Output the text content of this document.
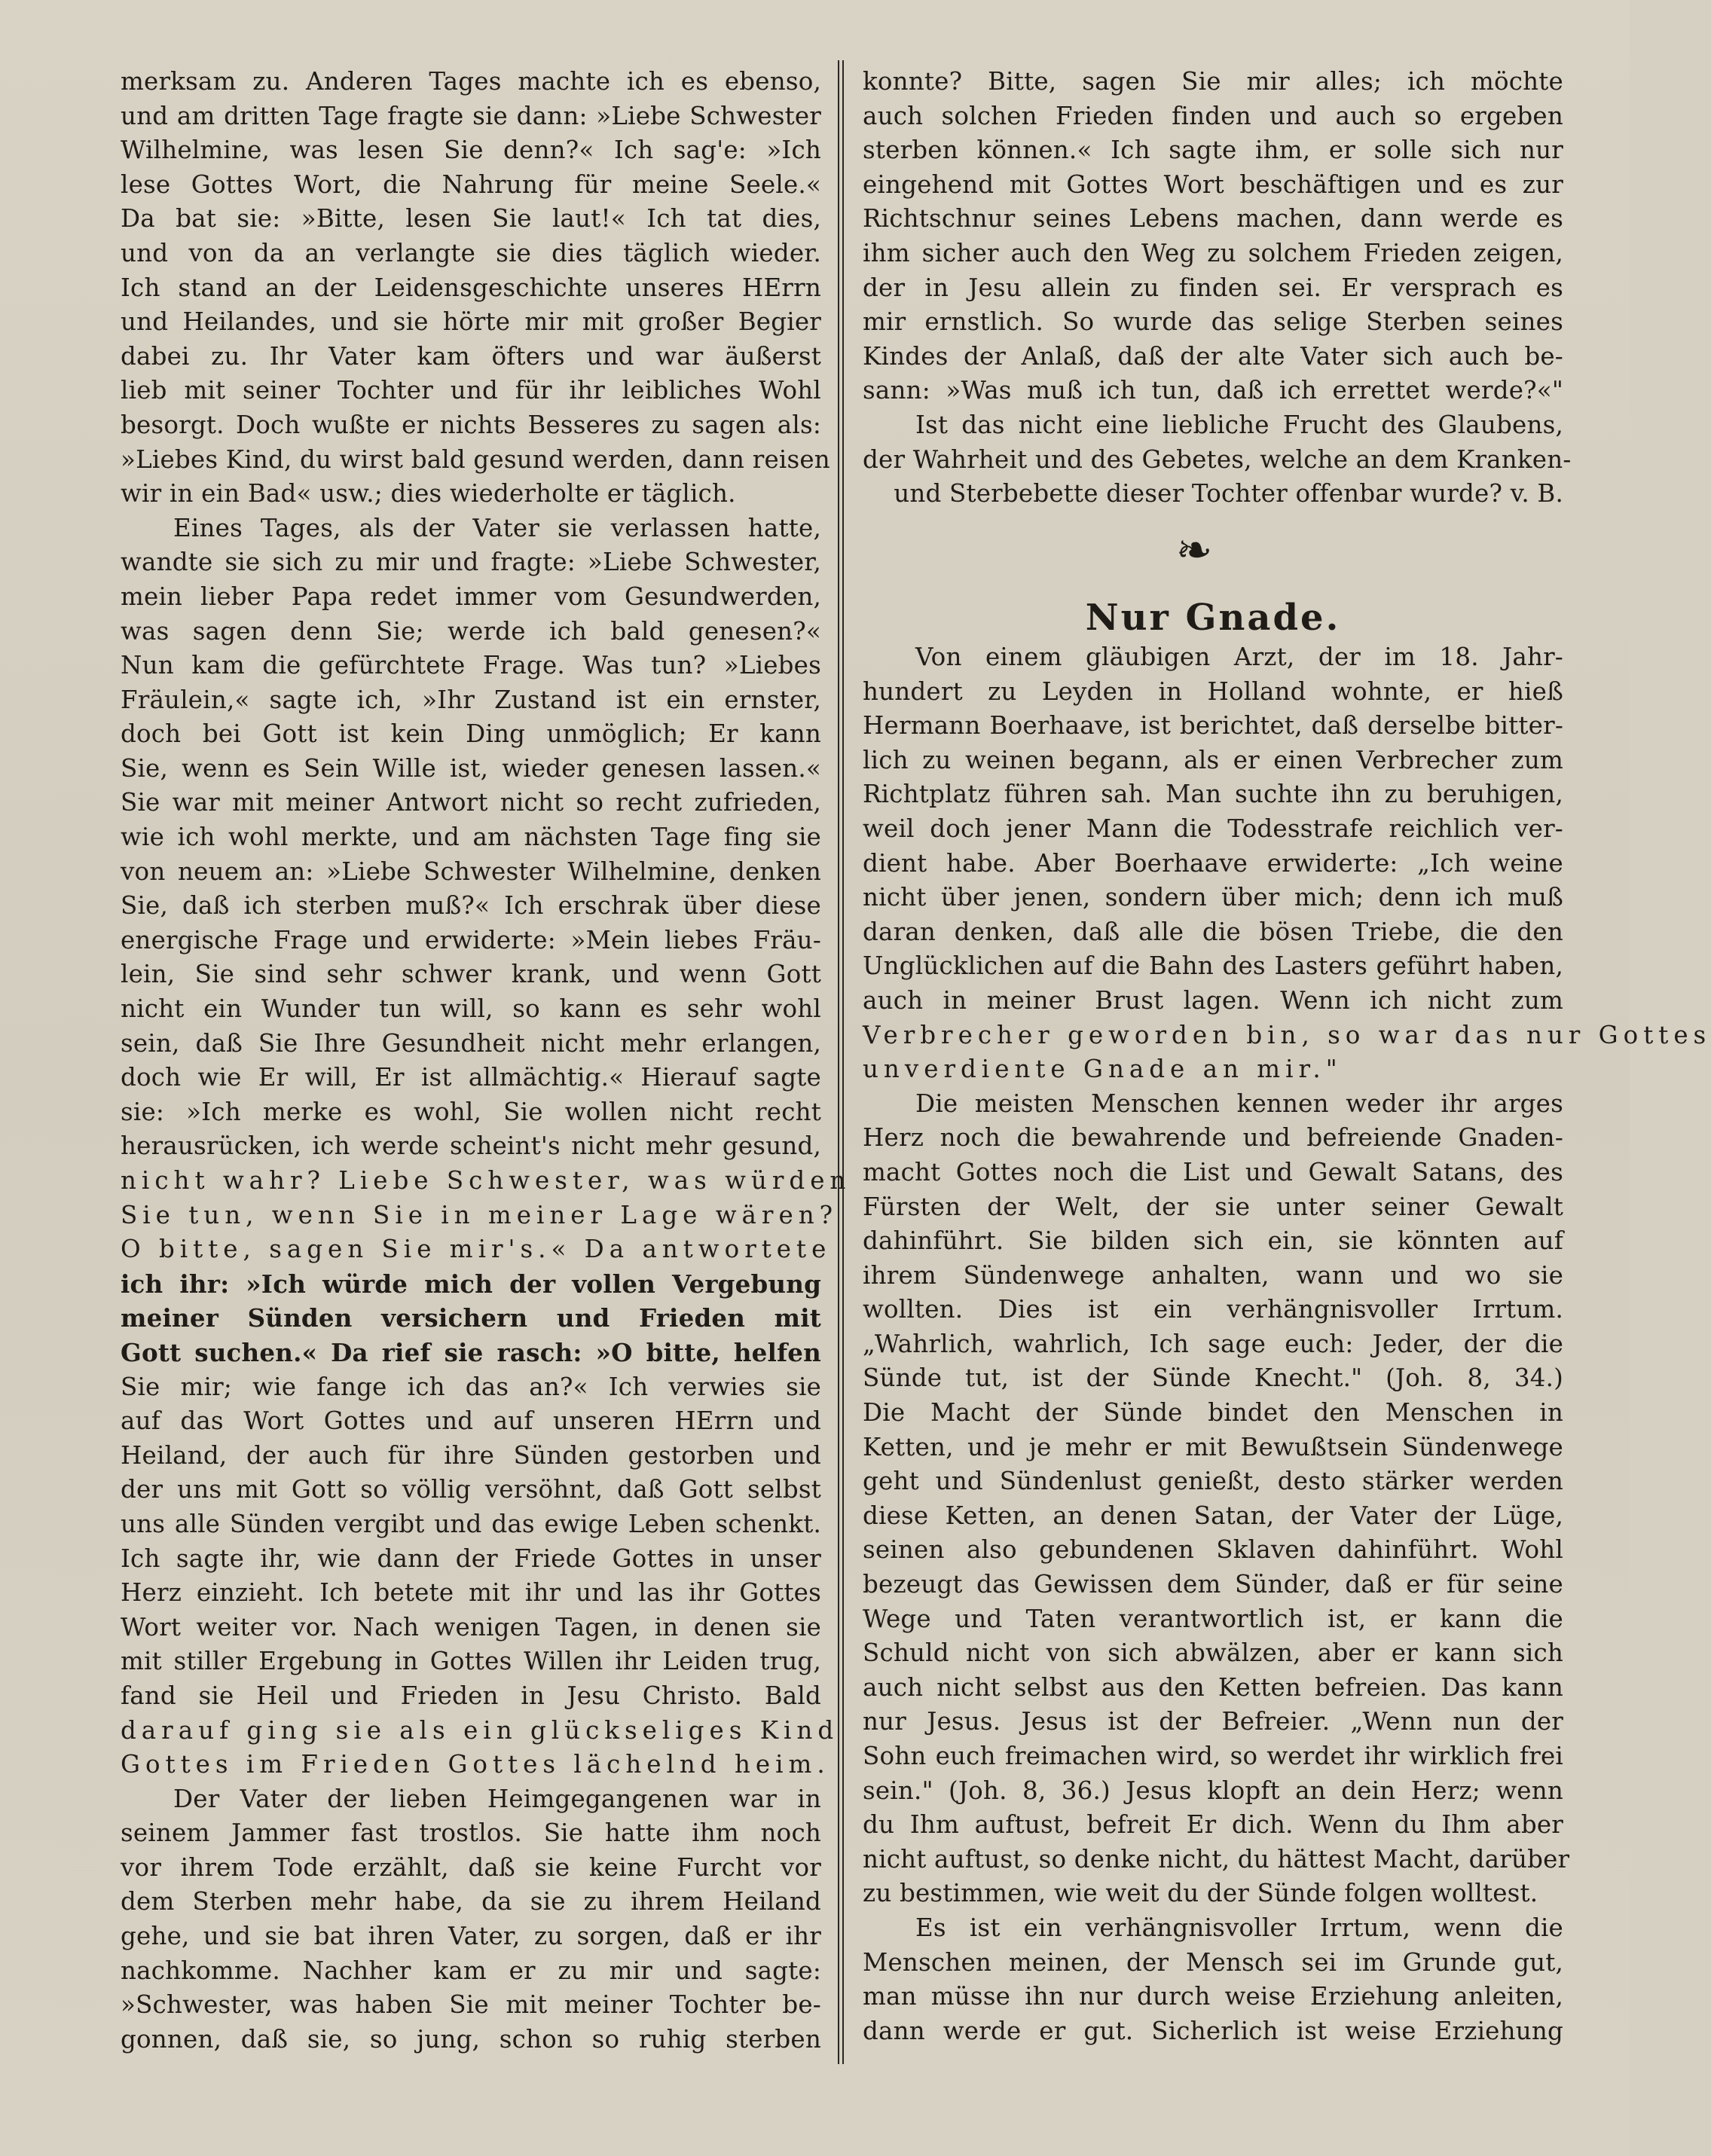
merksam zu. Anderen Tages machte ich es ebenso,
und am dritten Tage fragte sie dann: »Liebe Schwester
Wilhelmine, was lesen Sie denn?« Ich sag'e: »Ich
lese Gottes Wort, die Nahrung für meine Seele.«
Da bat sie: »Bitte, lesen Sie laut!« Ich tat dies,
und von da an verlangte sie dies täglich wieder.
Ich stand an der Leidensgeschichte unseres HErrn
und Heilandes, und sie hörte mir mit großer Begier
dabei zu. Ihr Vater kam öfters und war äußerst
lieb mit seiner Tochter und für ihr leibliches Wohl
besorgt. Doch wußte er nichts Besseres zu sagen als:
»Liebes Kind, du wirst bald gesund werden, dann reisen
wir in ein Bad« usw.; dies wiederholte er täglich.
Eines Tages, als der Vater sie verlassen hatte,
wandte sie sich zu mir und fragte: »Liebe Schwester,
mein lieber Papa redet immer vom Gesundwerden,
was sagen denn Sie; werde ich bald genesen?«
Nun kam die gefürchtete Frage. Was tun? »Liebes
Fräulein,« sagte ich, »Ihr Zustand ist ein ernster,
doch bei Gott ist kein Ding unmöglich; Er kann
Sie, wenn es Sein Wille ist, wieder genesen lassen.«
Sie war mit meiner Antwort nicht so recht zufrieden,
wie ich wohl merkte, und am nächsten Tage fing sie
von neuem an: »Liebe Schwester Wilhelmine, denken
Sie, daß ich sterben muß?« Ich erschrak über diese
energische Frage und erwiderte: »Mein liebes Fräu-
lein, Sie sind sehr schwer krank, und wenn Gott
nicht ein Wunder tun will, so kann es sehr wohl
sein, daß Sie Ihre Gesundheit nicht mehr erlangen,
doch wie Er will, Er ist allmächtig.« Hierauf sagte
sie: »Ich merke es wohl, Sie wollen nicht recht
herausrücken, ich werde scheint's nicht mehr gesund,
nicht wahr? Liebe Schwester, was würden
Sie tun, wenn Sie in meiner Lage wären?
O bitte, sagen Sie mir's.« Da antwortete
ich ihr: »Ich würde mich der vollen Vergebung
meiner Sünden versichern und Frieden mit
Gott suchen.« Da rief sie rasch: »O bitte, helfen
Sie mir; wie fange ich das an?« Ich verwies sie
auf das Wort Gottes und auf unseren HErrn und
Heiland, der auch für ihre Sünden gestorben und
der uns mit Gott so völlig versöhnt, daß Gott selbst
uns alle Sünden vergibt und das ewige Leben schenkt.
Ich sagte ihr, wie dann der Friede Gottes in unser
Herz einzieht. Ich betete mit ihr und las ihr Gottes
Wort weiter vor. Nach wenigen Tagen, in denen sie
mit stiller Ergebung in Gottes Willen ihr Leiden trug,
fand sie Heil und Frieden in Jesu Christo. Bald
darauf ging sie als ein glückseliges Kind
Gottes im Frieden Gottes lächelnd heim.
Der Vater der lieben Heimgegangenen war in
seinem Jammer fast trostlos. Sie hatte ihm noch
vor ihrem Tode erzählt, daß sie keine Furcht vor
dem Sterben mehr habe, da sie zu ihrem Heiland
gehe, und sie bat ihren Vater, zu sorgen, daß er ihr
nachkomme. Nachher kam er zu mir und sagte:
»Schwester, was haben Sie mit meiner Tochter be-
gonnen, daß sie, so jung, schon so ruhig sterben
konnte? Bitte, sagen Sie mir alles; ich möchte
auch solchen Frieden finden und auch so ergeben
sterben können.« Ich sagte ihm, er solle sich nur
eingehend mit Gottes Wort beschäftigen und es zur
Richtschnur seines Lebens machen, dann werde es
ihm sicher auch den Weg zu solchem Frieden zeigen,
der in Jesu allein zu finden sei. Er versprach es
mir ernstlich. So wurde das selige Sterben seines
Kindes der Anlaß, daß der alte Vater sich auch be-
sann: »Was muß ich tun, daß ich errettet werde?«"
Ist das nicht eine liebliche Frucht des Glaubens,
der Wahrheit und des Gebetes, welche an dem Kranken-
und Sterbebette dieser Tochter offenbar wurde? v. B.
❧
Nur Gnade.
Von einem gläubigen Arzt, der im 18. Jahr-
hundert zu Leyden in Holland wohnte, er hieß
Hermann Boerhaave, ist berichtet, daß derselbe bitter-
lich zu weinen begann, als er einen Verbrecher zum
Richtplatz führen sah. Man suchte ihn zu beruhigen,
weil doch jener Mann die Todesstrafe reichlich ver-
dient habe. Aber Boerhaave erwiderte: „Ich weine
nicht über jenen, sondern über mich; denn ich muß
daran denken, daß alle die bösen Triebe, die den
Unglücklichen auf die Bahn des Lasters geführt haben,
auch in meiner Brust lagen. Wenn ich nicht zum
Verbrecher geworden bin, so war das nur Gottes
unverdiente Gnade an mir."
Die meisten Menschen kennen weder ihr arges
Herz noch die bewahrende und befreiende Gnaden-
macht Gottes noch die List und Gewalt Satans, des
Fürsten der Welt, der sie unter seiner Gewalt
dahinführt. Sie bilden sich ein, sie könnten auf
ihrem Sündenwege anhalten, wann und wo sie
wollten. Dies ist ein verhängnisvoller Irrtum.
„Wahrlich, wahrlich, Ich sage euch: Jeder, der die
Sünde tut, ist der Sünde Knecht." (Joh. 8, 34.)
Die Macht der Sünde bindet den Menschen in
Ketten, und je mehr er mit Bewußtsein Sündenwege
geht und Sündenlust genießt, desto stärker werden
diese Ketten, an denen Satan, der Vater der Lüge,
seinen also gebundenen Sklaven dahinführt. Wohl
bezeugt das Gewissen dem Sünder, daß er für seine
Wege und Taten verantwortlich ist, er kann die
Schuld nicht von sich abwälzen, aber er kann sich
auch nicht selbst aus den Ketten befreien. Das kann
nur Jesus. Jesus ist der Befreier. „Wenn nun der
Sohn euch freimachen wird, so werdet ihr wirklich frei
sein." (Joh. 8, 36.) Jesus klopft an dein Herz; wenn
du Ihm auftust, befreit Er dich. Wenn du Ihm aber
nicht auftust, so denke nicht, du hättest Macht, darüber
zu bestimmen, wie weit du der Sünde folgen wolltest.
Es ist ein verhängnisvoller Irrtum, wenn die
Menschen meinen, der Mensch sei im Grunde gut,
man müsse ihn nur durch weise Erziehung anleiten,
dann werde er gut. Sicherlich ist weise Erziehung
